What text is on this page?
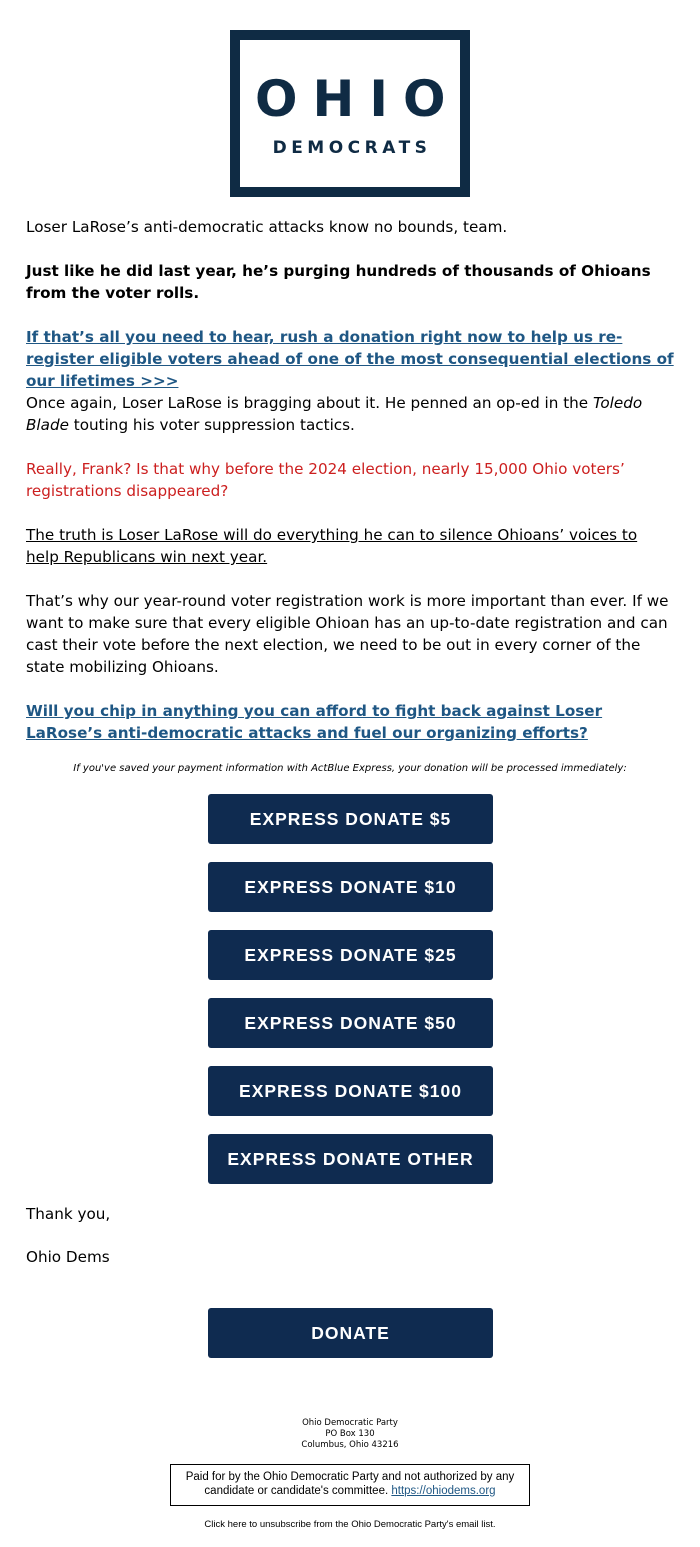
OHIO
DEMOCRATS

Loser LaRose’s anti-democratic attacks know no bounds, team.

Just like he did last year, he’s purging hundreds of thousands of Ohioans from the voter rolls.

If that’s all you need to hear, rush a donation right now to help us re-register eligible voters ahead of one of the most consequential elections of our lifetimes >>>

Once again, Loser LaRose is bragging about it. He penned an op-ed in the Toledo Blade touting his voter suppression tactics.

Really, Frank? Is that why before the 2024 election, nearly 15,000 Ohio voters’ registrations disappeared?

The truth is Loser LaRose will do everything he can to silence Ohioans’ voices to help Republicans win next year.

That’s why our year-round voter registration work is more important than ever. If we want to make sure that every eligible Ohioan has an up-to-date registration and can cast their vote before the next election, we need to be out in every corner of the state mobilizing Ohioans.

Will you chip in anything you can afford to fight back against Loser LaRose’s anti-democratic attacks and fuel our organizing efforts?

If you've saved your payment information with ActBlue Express, your donation will be processed immediately:
EXPRESS DONATE $5
EXPRESS DONATE $10
EXPRESS DONATE $25
EXPRESS DONATE $50
EXPRESS DONATE $100
EXPRESS DONATE OTHER

Thank you,

Ohio Dems

DONATE
Ohio Democratic Party
PO Box 130
Columbus, Ohio 43216
Paid for by the Ohio Democratic Party and not authorized by any candidate or candidate's committee. https://ohiodems.org
Click here to unsubscribe from the Ohio Democratic Party's email list.
